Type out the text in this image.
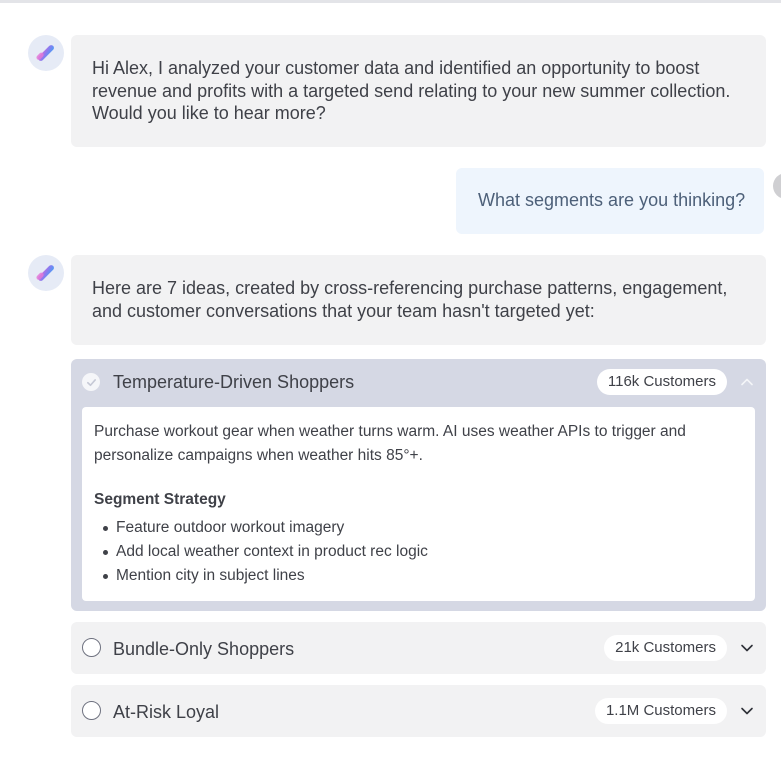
Hi Alex, I analyzed your customer data and identified an opportunity to boost revenue and profits with a targeted send relating to your new summer collection. Would you like to hear more?
What segments are you thinking?
Here are 7 ideas, created by cross-referencing purchase patterns, engagement, and customer conversations that your team hasn't targeted yet:
Temperature-Driven Shoppers	116k Customers

Purchase workout gear when weather turns warm. AI uses weather APIs to trigger and personalize campaigns when weather hits 85°+.

Segment Strategy
Feature outdoor workout imagery
Add local weather context in product rec logic
Mention city in subject lines
Bundle-Only Shoppers	21k Customers
At-Risk Loyal	1.1M Customers
